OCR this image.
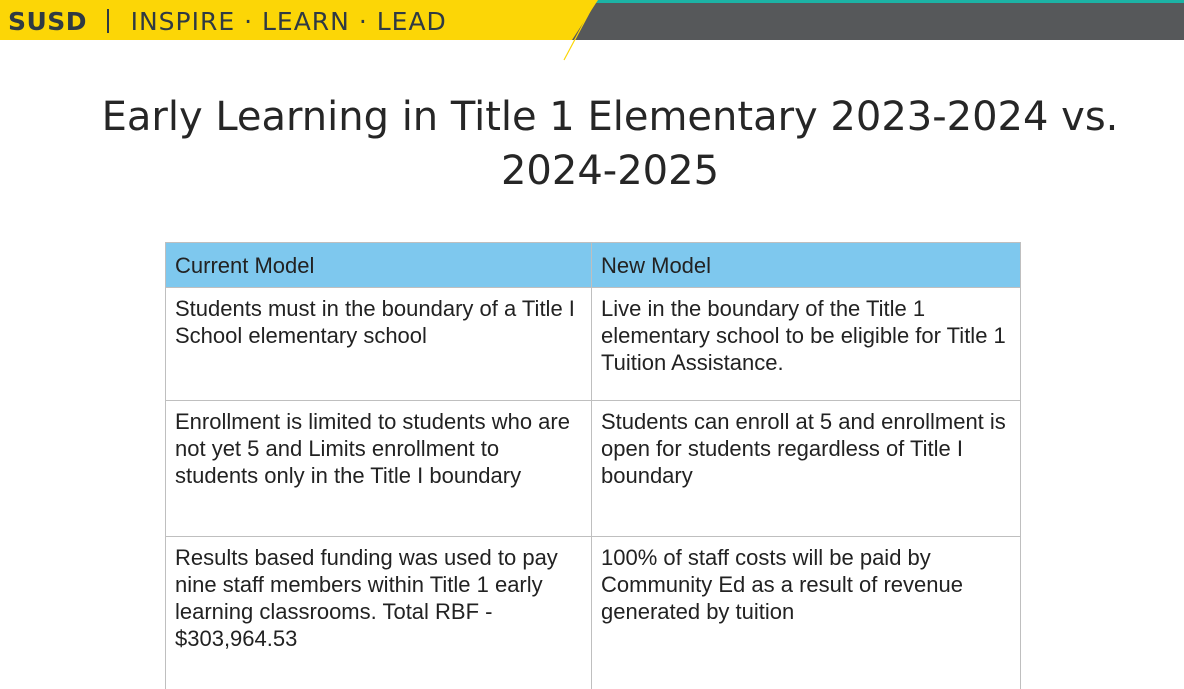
SUSD INSPIRE · LEARN · LEAD
Early Learning in Title 1 Elementary 2023-2024 vs. 2024-2025
Current Model	New Model
Students must in the boundary of a Title I School elementary school	Live in the boundary of the Title 1 elementary school to be eligible for Title 1 Tuition Assistance.
Enrollment is limited to students who are not yet 5 and Limits enrollment to students only in the Title I boundary	Students can enroll at 5 and enrollment is open for students regardless of Title I boundary
Results based funding was used to pay nine staff members within Title 1 early learning classrooms. Total RBF - $303,964.53	100% of staff costs will be paid by Community Ed as a result of revenue generated by tuition
